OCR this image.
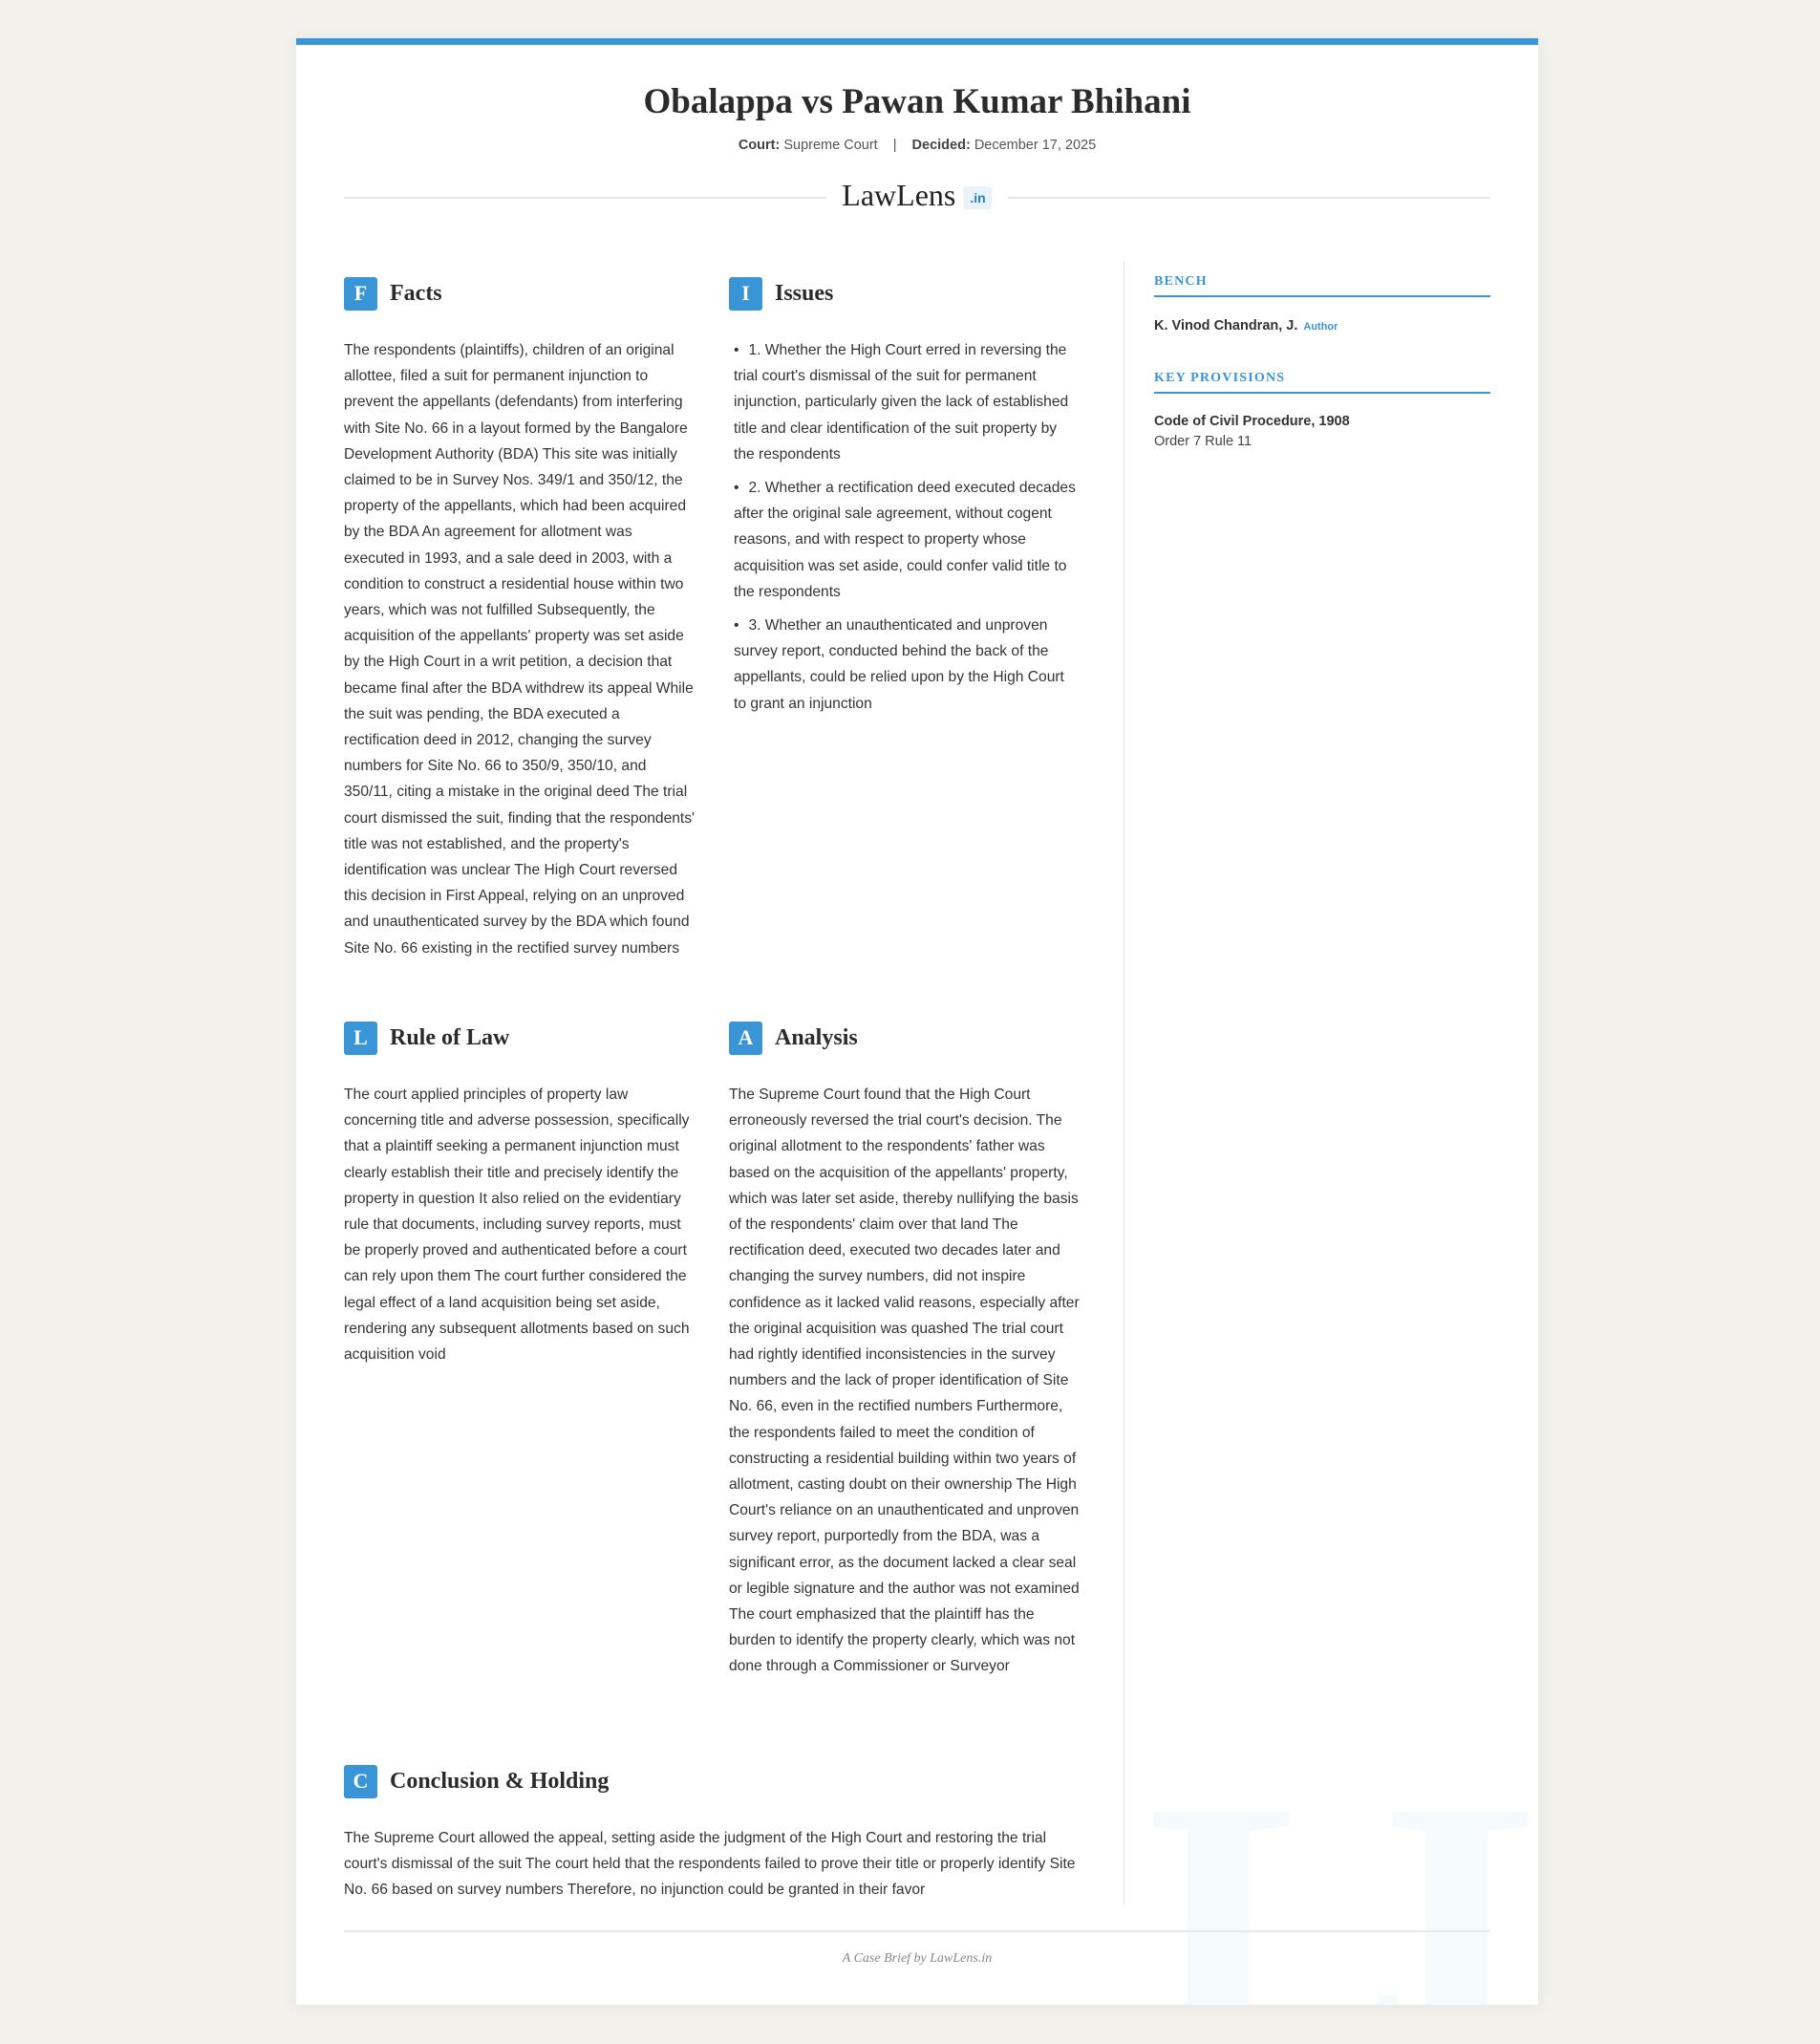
Obalappa vs Pawan Kumar Bhihani
Court: Supreme Court | Decided: December 17, 2025
LawLens	.in
F Facts

The respondents (plaintiffs), children of an original allottee, filed a suit for permanent injunction to prevent the appellants (defendants) from interfering with Site No. 66 in a layout formed by the Bangalore Development Authority (BDA) This site was initially claimed to be in Survey Nos. 349/1 and 350/12, the property of the appellants, which had been acquired by the BDA An agreement for allotment was executed in 1993, and a sale deed in 2003, with a condition to construct a residential house within two years, which was not fulfilled Subsequently, the acquisition of the appellants' property was set aside by the High Court in a writ petition, a decision that became final after the BDA withdrew its appeal While the suit was pending, the BDA executed a rectification deed in 2012, changing the survey numbers for Site No. 66 to 350/9, 350/10, and 350/11, citing a mistake in the original deed The trial court dismissed the suit, finding that the respondents' title was not established, and the property's identification was unclear The High Court reversed this decision in First Appeal, relying on an unproved and unauthenticated survey by the BDA which found Site No. 66 existing in the rectified survey numbers

I	Issues
• 1. Whether the High Court erred in reversing the trial court's dismissal of the suit for permanent injunction, particularly given the lack of established title and clear identification of the suit property by the respondents
• 2. Whether a rectification deed executed decades after the original sale agreement, without cogent reasons, and with respect to property whose acquisition was set aside, could confer valid title to the respondents
• 3. Whether an unauthenticated and unproven survey report, conducted behind the back of the appellants, could be relied upon by the High Court to grant an injunction
L Rule of Law

The court applied principles of property law concerning title and adverse possession, specifically that a plaintiff seeking a permanent injunction must clearly establish their title and precisely identify the property in question It also relied on the evidentiary rule that documents, including survey reports, must be properly proved and authenticated before a court can rely upon them The court further considered the legal effect of a land acquisition being set aside, rendering any subsequent allotments based on such acquisition void

A Analysis

The Supreme Court found that the High Court erroneously reversed the trial court's decision. The original allotment to the respondents' father was based on the acquisition of the appellants' property, which was later set aside, thereby nullifying the basis of the respondents' claim over that land The rectification deed, executed two decades later and changing the survey numbers, did not inspire confidence as it lacked valid reasons, especially after the original acquisition was quashed The trial court had rightly identified inconsistencies in the survey numbers and the lack of proper identification of Site No. 66, even in the rectified numbers Furthermore, the respondents failed to meet the condition of constructing a residential building within two years of allotment, casting doubt on their ownership The High Court's reliance on an unauthenticated and unproven survey report, purportedly from the BDA, was a significant error, as the document lacked a clear seal or legible signature and the author was not examined The court emphasized that the plaintiff has the burden to identify the property clearly, which was not done through a Commissioner or Surveyor

C Conclusion & Holding

The Supreme Court allowed the appeal, setting aside the judgment of the High Court and restoring the trial court's dismissal of the suit The court held that the respondents failed to prove their title or properly identify Site No. 66 based on survey numbers Therefore, no injunction could be granted in their favor

BENCH
K. Vinod Chandran, J. Author
KEY PROVISIONS
Code of Civil Procedure, 1908
Order 7 Rule 11
A Case Brief by LawLens.in
